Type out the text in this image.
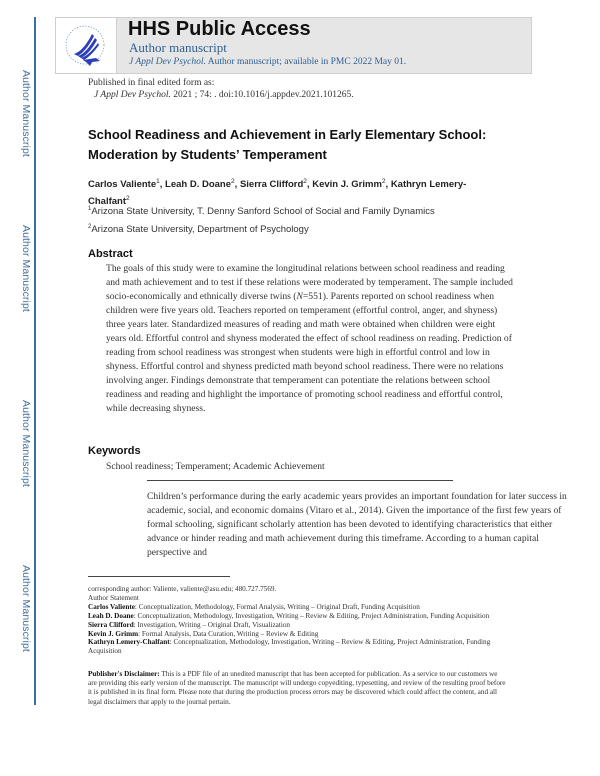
Author Manuscript
Author Manuscript
Author Manuscript
Author Manuscript
HHS Public Access
Author manuscript
J Appl Dev Psychol. Author manuscript; available in PMC 2022 May 01.
Published in final edited form as:
J Appl Dev Psychol. 2021 ; 74: . doi:10.1016/j.appdev.2021.101265.
School Readiness and Achievement in Early Elementary School:
Moderation by Students’ Temperament
Carlos Valiente$^1$, Leah D. Doane$^2$, Sierra Clifford$^2$, Kevin J. Grimm$^2$, Kathryn Lemery-Chalfant$^2$
$^1$Arizona State University, T. Denny Sanford School of Social and Family Dynamics
$^2$Arizona State University, Department of Psychology
Abstract
The goals of this study were to examine the longitudinal relations between school readiness and reading and math achievement and to test if these relations were moderated by temperament. The sample included socio-economically and ethnically diverse twins (N=551). Parents reported on school readiness when children were five years old. Teachers reported on temperament (effortful control, anger, and shyness) three years later. Standardized measures of reading and math were obtained when children were eight years old. Effortful control and shyness moderated the effect of school readiness on reading. Prediction of reading from school readiness was strongest when students were high in effortful control and low in shyness. Effortful control and shyness predicted math beyond school readiness. There were no relations involving anger. Findings demonstrate that temperament can potentiate the relations between school readiness and reading and highlight the importance of promoting school readiness and effortful control, while decreasing shyness.
Keywords
School readiness; Temperament; Academic Achievement
Children’s performance during the early academic years provides an important foundation for later success in academic, social, and economic domains (Vitaro et al., 2014). Given the importance of the first few years of formal schooling, significant scholarly attention has been devoted to identifying characteristics that either advance or hinder reading and math achievement during this timeframe. According to a human capital perspective and
corresponding author: Valiente, valiente@asu.edu; 480.727.7569.
Author Statement
Carlos Valiente: Conceptualization, Methodology, Formal Analysis, Writing – Original Draft, Funding Acquisition
Leah D. Doane: Conceptualization, Methodology, Investigation, Writing – Review & Editing, Project Administration, Funding Acquisition
Sierra Clifford: Investigation, Writing – Original Draft, Visualization
Kevin J. Grimm: Formal Analysis, Data Curation, Writing – Review & Editing
Kathryn Lemery-Chalfant: Conceptualization, Methodology, Investigation, Writing – Review & Editing, Project Administration, Funding Acquisition
Publisher's Disclaimer: This is a PDF file of an unedited manuscript that has been accepted for publication. As a service to our customers we are providing this early version of the manuscript. The manuscript will undergo copyediting, typesetting, and review of the resulting proof before it is published in its final form. Please note that during the production process errors may be discovered which could affect the content, and all legal disclaimers that apply to the journal pertain.
